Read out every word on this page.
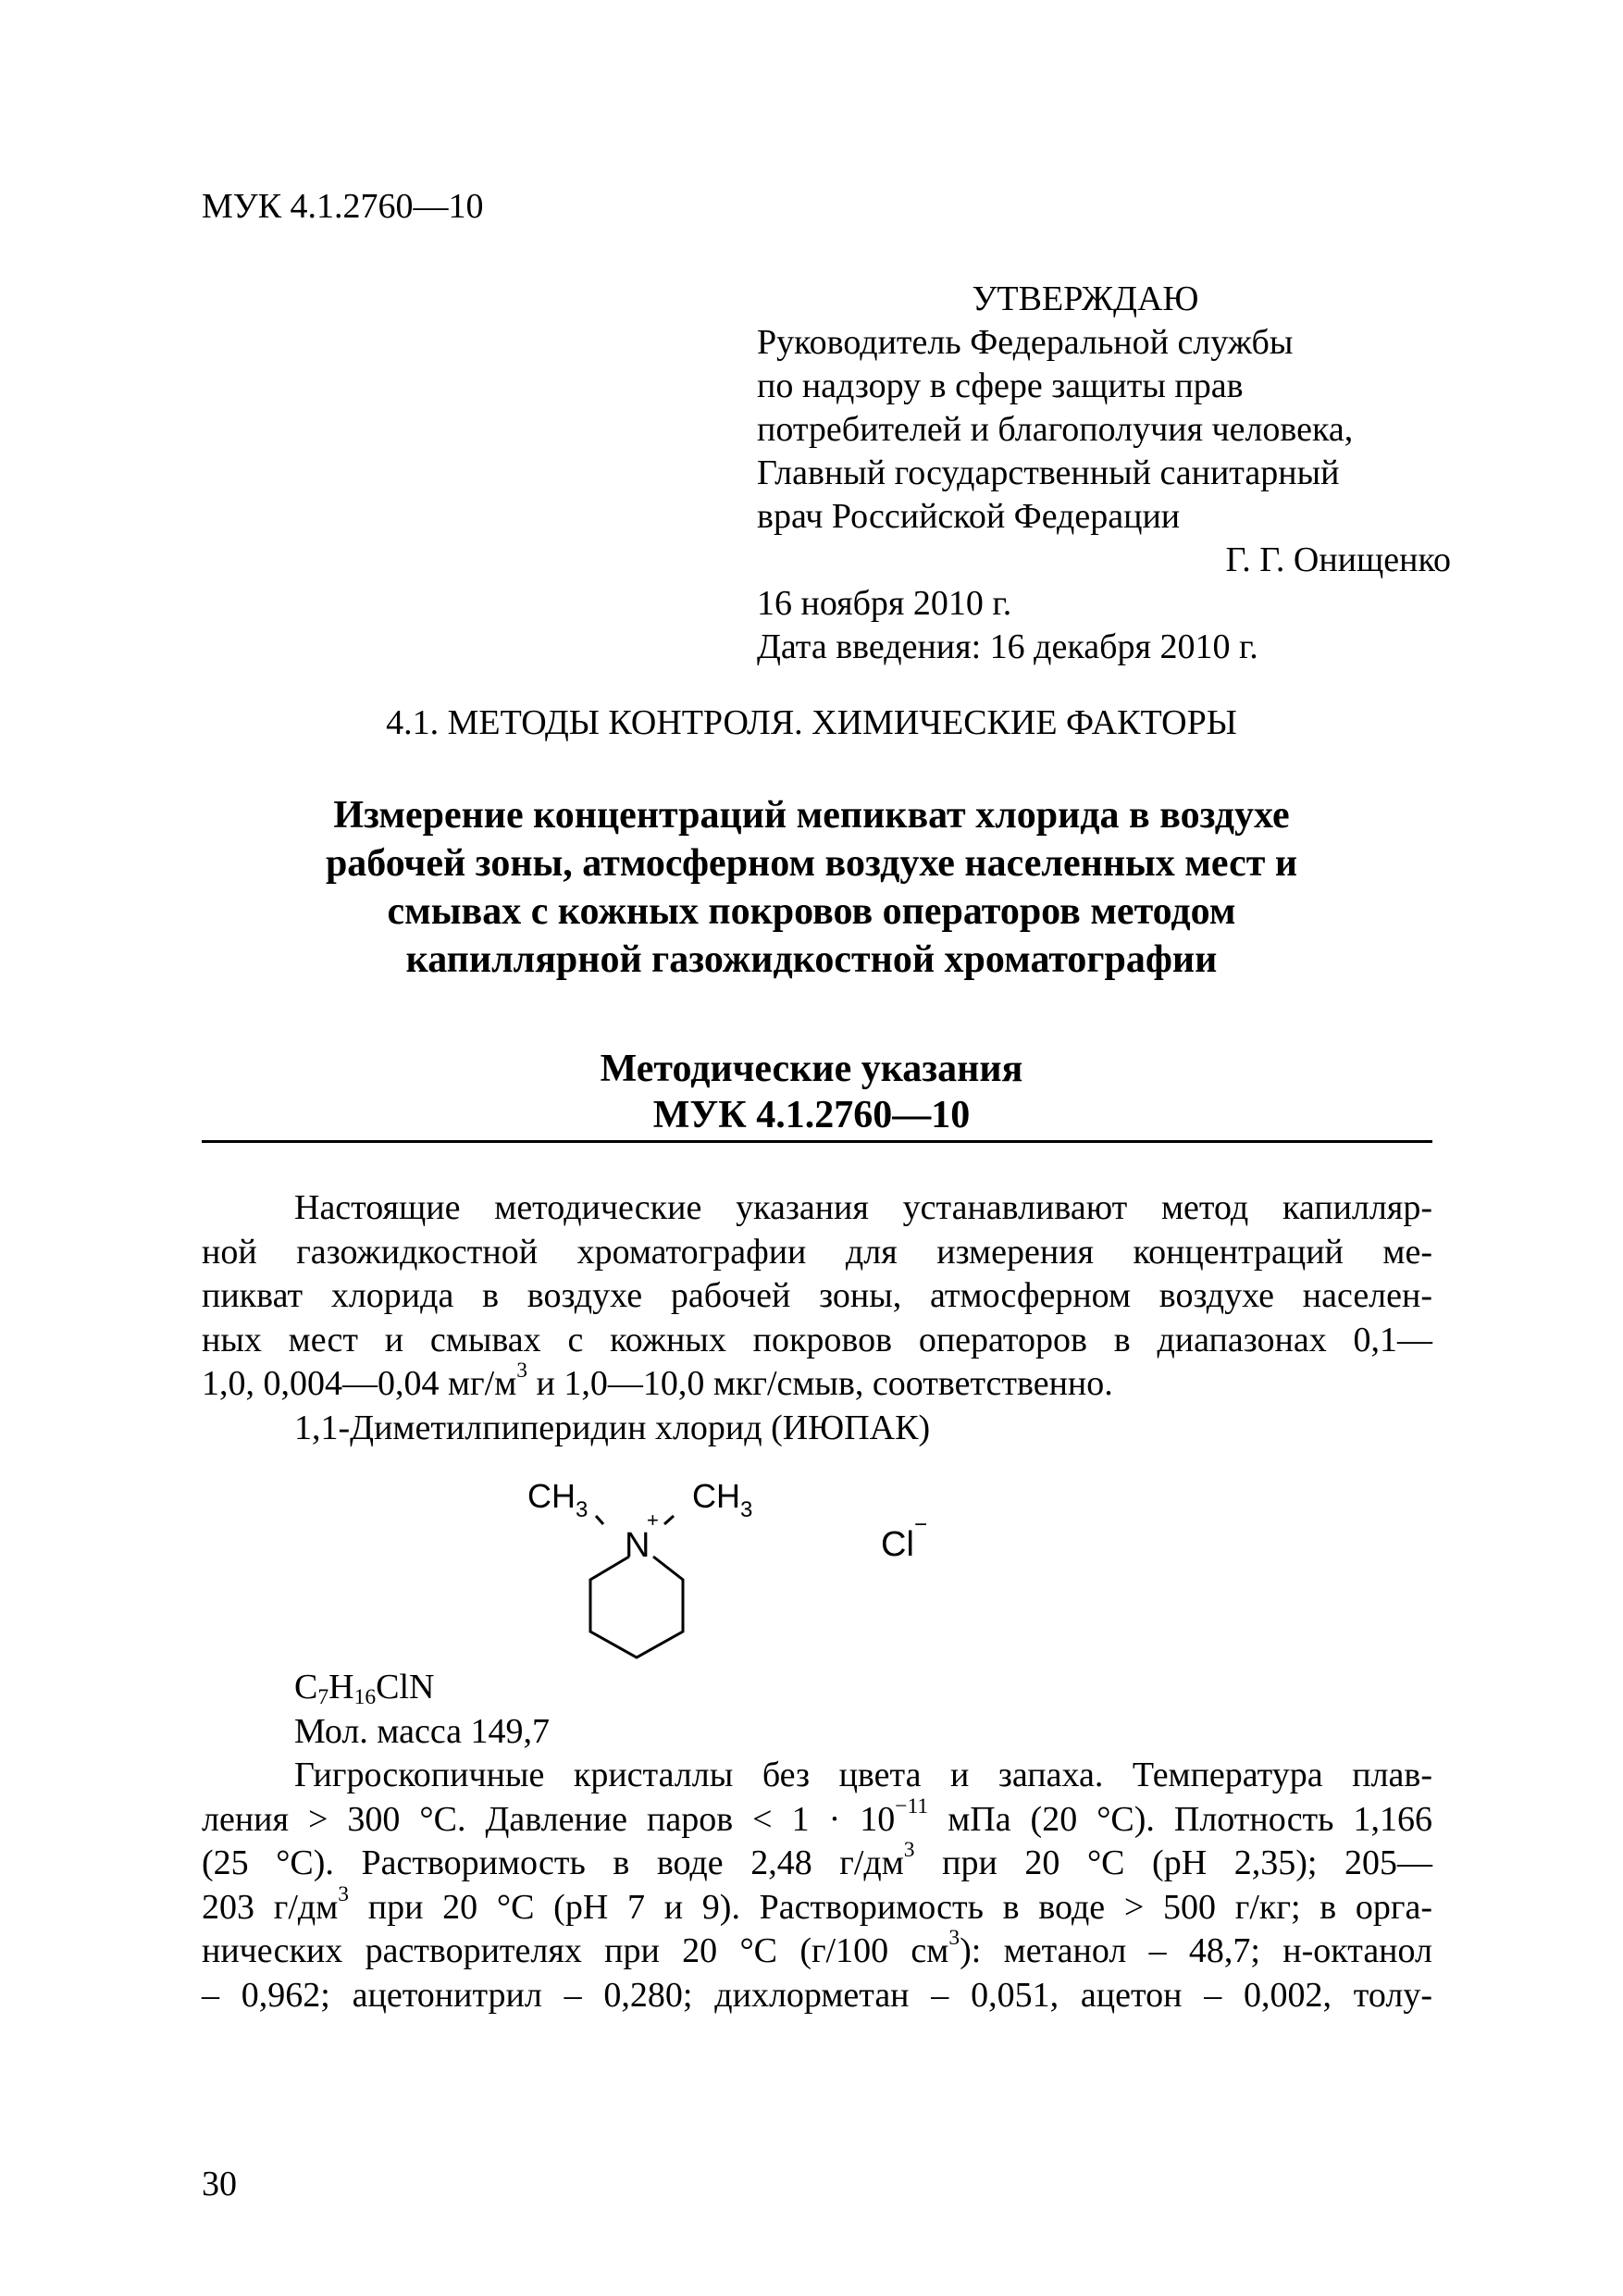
МУК 4.1.2760—10
УТВЕРЖДАЮ
Руководитель Федеральной службы
по надзору в сфере защиты прав
потребителей и благополучия человека,
Главный государственный санитарный
врач Российской Федерации
Г. Г. Онищенко
16 ноября 2010 г.
Дата введения: 16 декабря 2010 г.
4.1. МЕТОДЫ КОНТРОЛЯ. ХИМИЧЕСКИЕ ФАКТОРЫ
Измерение концентраций мепикват хлорида в воздухе
рабочей зоны, атмосферном воздухе населенных мест и
смывах с кожных покровов операторов методом
капиллярной газожидкостной хроматографии
Методические указания
МУК 4.1.2760—10
Настоящие методические указания устанавливают метод капилляр-
ной газожидкостной хроматографии для измерения концентраций ме-
пикват хлорида в воздухе рабочей зоны, атмосферном воздухе населен-
ных мест и смывах с кожных покровов операторов в диапазонах 0,1—
1,0, 0,004—0,04 $мг/м^3$ и 1,0—10,0 мкг/смыв, соответственно.
1,1-Диметилпиперидин хлорид (ИЮПАК)
$CH_3$	$CH_3$
N
+
Cl
−
$C_7H_{16}ClN$
Мол. масса 149,7
Гигроскопичные кристаллы без цвета и запаха. Температура плав-
ления > 300 °С. Давление паров < $1 \cdot 10^{-11}$ мПа (20 °С). Плотность 1,166
(25 °С). Растворимость в воде 2,48 $г/дм^3$ при 20 °С (рН 2,35); 205—
203 $г/дм^3$ при 20 °С (рН 7 и 9). Растворимость в воде > 500 г/кг; в орга-
нических растворителях при 20 °С (г/100 $см^3$): метанол – 48,7; н-октанол
– 0,962; ацетонитрил – 0,280; дихлорметан – 0,051, ацетон – 0,002, толу-
30
